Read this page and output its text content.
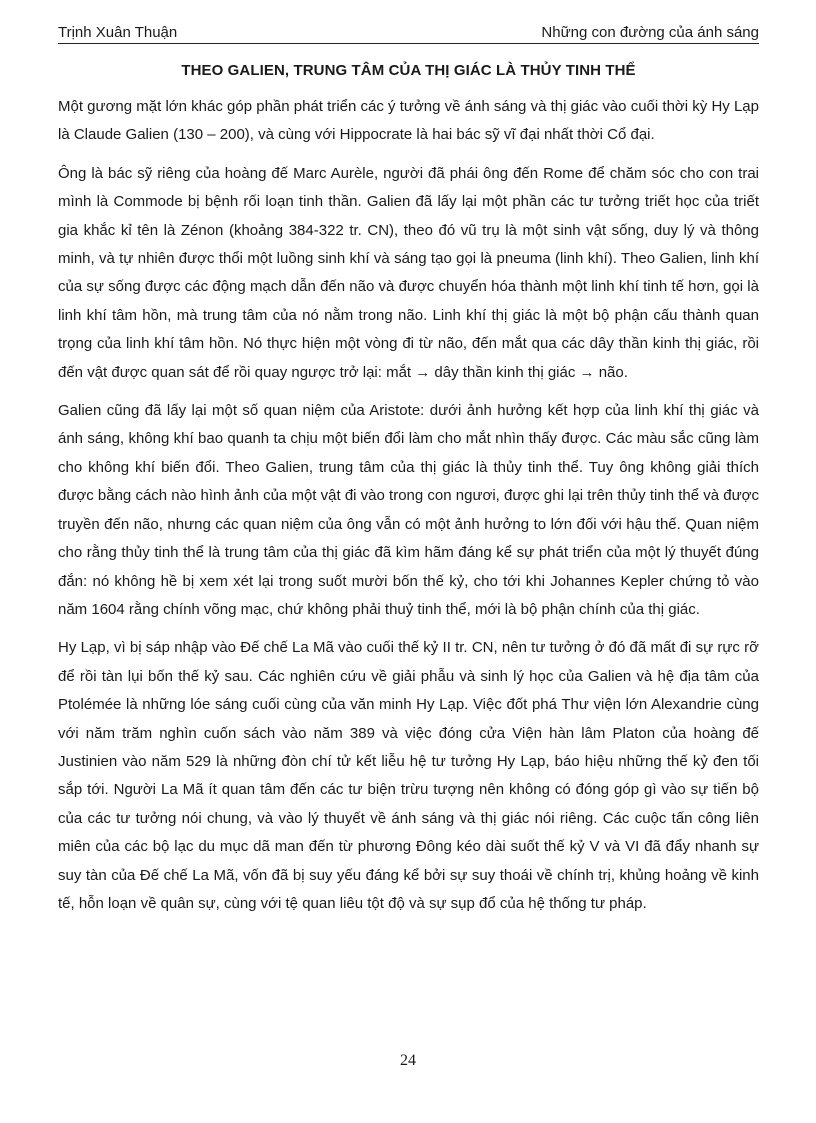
Trịnh Xuân Thuận	Những con đường của ánh sáng
THEO GALIEN, TRUNG TÂM CỦA THỊ GIÁC LÀ THỦY TINH THỂ

Một gương mặt lớn khác góp phần phát triển các ý tưởng về ánh sáng và thị giác vào cuối thời kỳ Hy Lạp là Claude Galien (130 – 200), và cùng với Hippocrate là hai bác sỹ vĩ đại nhất thời Cổ đại.

Ông là bác sỹ riêng của hoàng đế Marc Aurèle, người đã phái ông đến Rome để chăm sóc cho con trai mình là Commode bị bệnh rối loạn tinh thần. Galien đã lấy lại một phần các tư tưởng triết học của triết gia khắc kỉ tên là Zénon (khoảng 384-322 tr. CN), theo đó vũ trụ là một sinh vật sống, duy lý và thông minh, và tự nhiên được thổi một luồng sinh khí và sáng tạo gọi là pneuma (linh khí). Theo Galien, linh khí của sự sống được các động mạch dẫn đến não và được chuyển hóa thành một linh khí tinh tế hơn, gọi là linh khí tâm hồn, mà trung tâm của nó nằm trong não. Linh khí thị giác là một bộ phận cấu thành quan trọng của linh khí tâm hồn. Nó thực hiện một vòng đi từ não, đến mắt qua các dây thần kinh thị giác, rồi đến vật được quan sát để rồi quay ngược trở lại: mắt → dây thần kinh thị giác → não.

Galien cũng đã lấy lại một số quan niệm của Aristote: dưới ảnh hưởng kết hợp của linh khí thị giác và ánh sáng, không khí bao quanh ta chịu một biến đổi làm cho mắt nhìn thấy được. Các màu sắc cũng làm cho không khí biến đổi. Theo Galien, trung tâm của thị giác là thủy tinh thể. Tuy ông không giải thích được bằng cách nào hình ảnh của một vật đi vào trong con ngươi, được ghi lại trên thủy tinh thể và được truyền đến não, nhưng các quan niệm của ông vẫn có một ảnh hưởng to lớn đối với hậu thế. Quan niệm cho rằng thủy tinh thể là trung tâm của thị giác đã kìm hãm đáng kể sự phát triển của một lý thuyết đúng đắn: nó không hề bị xem xét lại trong suốt mười bốn thế kỷ, cho tới khi Johannes Kepler chứng tỏ vào năm 1604 rằng chính võng mạc, chứ không phải thuỷ tinh thể, mới là bộ phận chính của thị giác.

Hy Lạp, vì bị sáp nhập vào Đế chế La Mã vào cuối thế kỷ II tr. CN, nên tư tưởng ở đó đã mất đi sự rực rỡ để rồi tàn lụi bốn thế kỷ sau. Các nghiên cứu về giải phẫu và sinh lý học của Galien và hệ địa tâm của Ptolémée là những lóe sáng cuối cùng của văn minh Hy Lạp. Việc đốt phá Thư viện lớn Alexandrie cùng với năm trăm nghìn cuốn sách vào năm 389 và việc đóng cửa Viện hàn lâm Platon của hoàng đế Justinien vào năm 529 là những đòn chí tử kết liễu hệ tư tưởng Hy Lạp, báo hiệu những thế kỷ đen tối sắp tới. Người La Mã ít quan tâm đến các tư biện trừu tượng nên không có đóng góp gì vào sự tiến bộ của các tư tưởng nói chung, và vào lý thuyết về ánh sáng và thị giác nói riêng. Các cuộc tấn công liên miên của các bộ lạc du mục dã man đến từ phương Đông kéo dài suốt thế kỷ V và VI đã đẩy nhanh sự suy tàn của Đế chế La Mã, vốn đã bị suy yếu đáng kể bởi sự suy thoái về chính trị, khủng hoảng về kinh tế, hỗn loạn về quân sự, cùng với tệ quan liêu tột độ và sự sụp đổ của hệ thống tư pháp.

24
